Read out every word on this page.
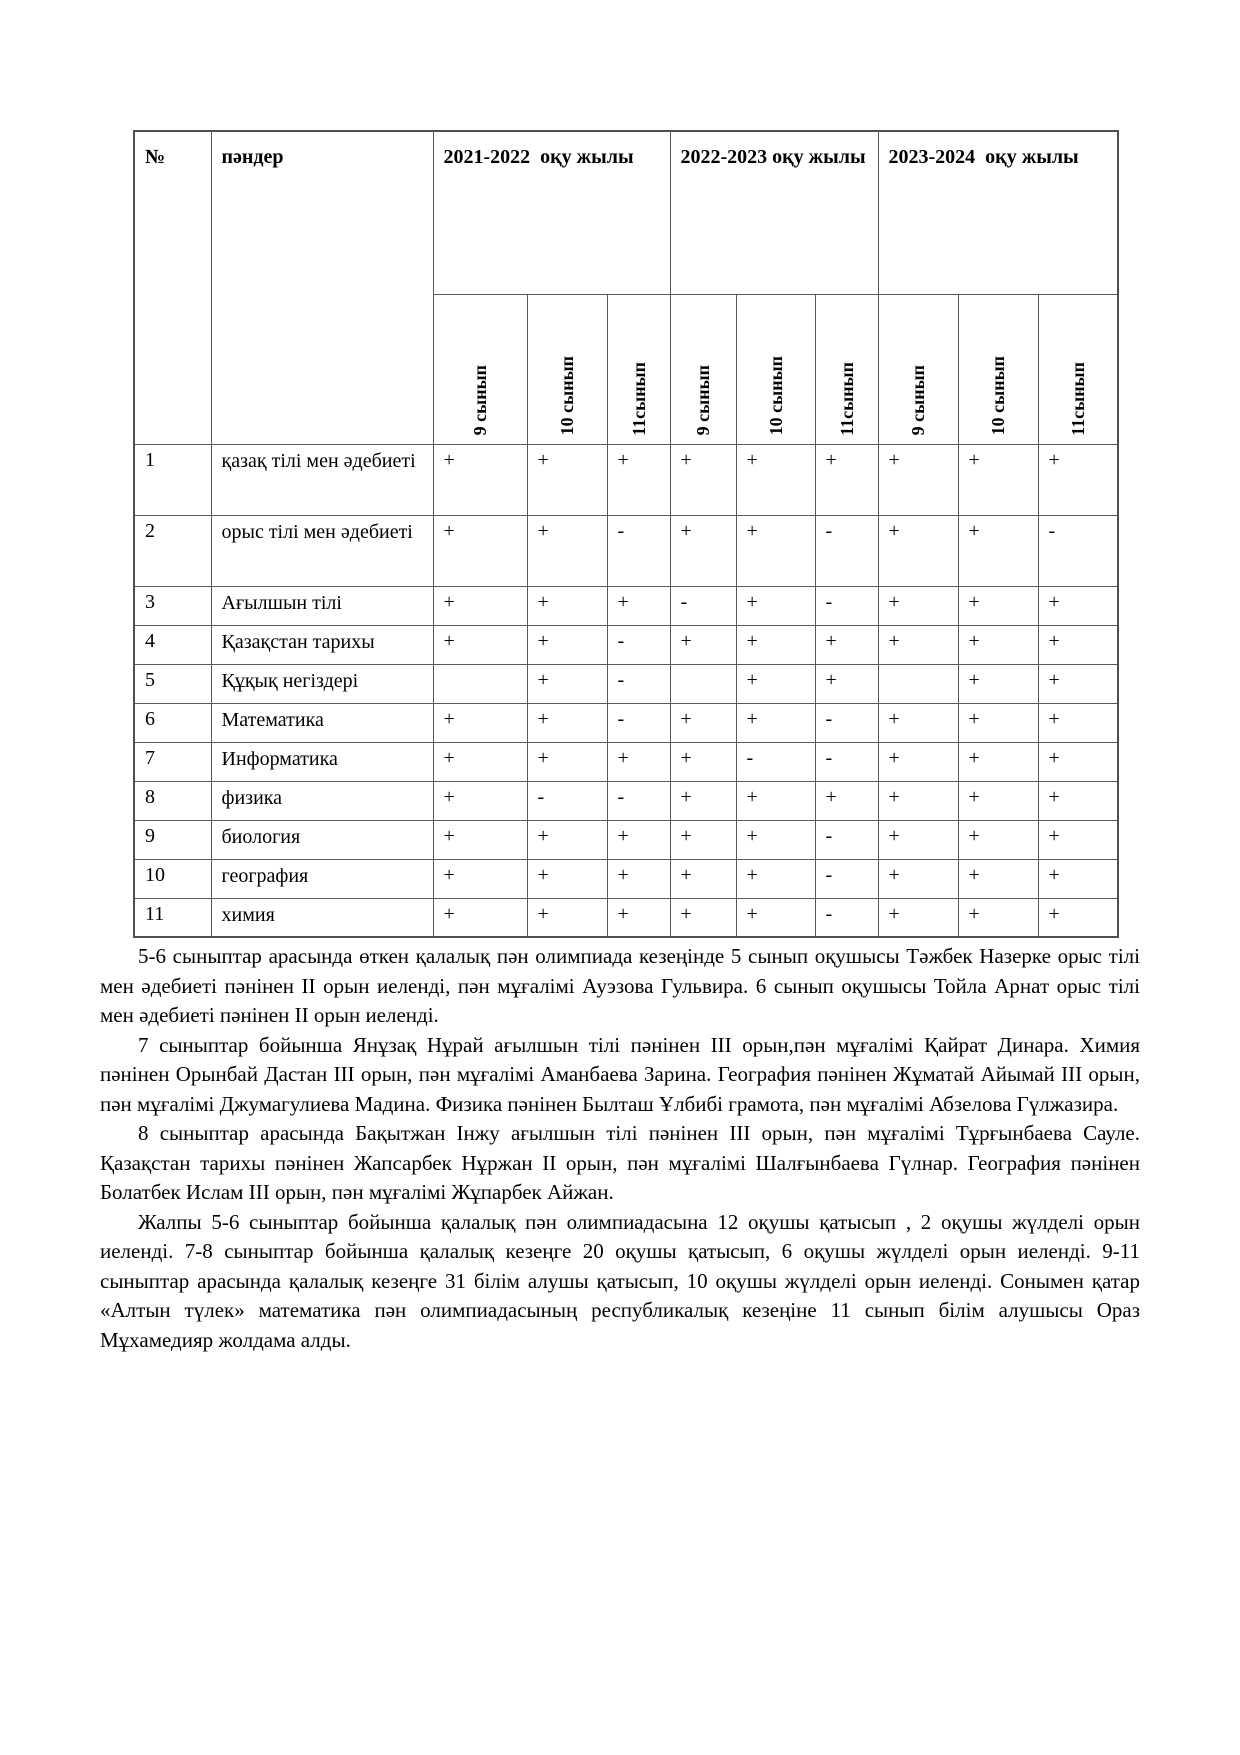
№	пәндер	2021-2022  оқу жылы			2022-2023 оқу жылы			2023-2024  оқу жылы		

		9 сынып	10 сынып	11сынып	9 сынып	10 сынып	11сынып	9 сынып	10 сынып	11сынып

1	қазақ тілі мен әдебиеті	+	+	+	+	+	+	+	+	+
2	орыс тілі мен әдебиеті	+	+	-	+	+	-	+	+	-
3	Ағылшын тілі	+	+	+	-	+	-	+	+	+
4	Қазақстан тарихы	+	+	-	+	+	+	+	+	+
5	Құқық негіздері		+	-		+	+		+	+
6	Математика	+	+	-	+	+	-	+	+	+
7	Информатика	+	+	+	+	-	-	+	+	+
8	физика	+	-	-	+	+	+	+	+	+
9	биология	+	+	+	+	+	-	+	+	+
10	география	+	+	+	+	+	-	+	+	+
11	химия	+	+	+	+	+	-	+	+	+

5-6 сыныптар арасында өткен қалалық пән олимпиада кезеңінде 5 сынып оқушысы Тәжбек Назерке орыс тілі мен әдебиеті пәнінен II орын иеленді, пән мұғалімі Ауэзова Гульвира. 6 сынып оқушысы Тойла Арнат орыс тілі мен әдебиеті пәнінен II орын иеленді.

7 сыныптар бойынша Янұзақ Нұрай ағылшын тілі пәнінен III орын,пән мұғалімі Қайрат Динара. Химия пәнінен Орынбай Дастан III орын, пән мұғалімі Аманбаева Зарина. География пәнінен Жұматай Айымай III орын, пән мұғалімі Джумагулиева Мадина. Физика пәнінен Былташ Ұлбибі грамота, пән мұғалімі Абзелова Гүлжазира.

8 сыныптар арасында Бақытжан Інжу ағылшын тілі пәнінен III орын, пән мұғалімі Тұрғынбаева Сауле. Қазақстан тарихы пәнінен Жапсарбек Нұржан II орын, пән мұғалімі Шалғынбаева Гүлнар. География пәнінен Болатбек Ислам III орын, пән мұғалімі Жұпарбек Айжан.

Жалпы 5-6 сыныптар бойынша қалалық пән олимпиадасына 12 оқушы қатысып , 2 оқушы жүлделі орын иеленді. 7-8 сыныптар бойынша қалалық кезеңге 20 оқушы қатысып, 6 оқушы жүлделі орын иеленді. 9-11 сыныптар арасында қалалық кезеңге 31 білім алушы қатысып, 10 оқушы жүлделі орын иеленді. Сонымен қатар «Алтын түлек» математика пән олимпиадасының республикалық кезеңіне 11 сынып білім алушысы Ораз Мұхамедияр жолдама алды.
